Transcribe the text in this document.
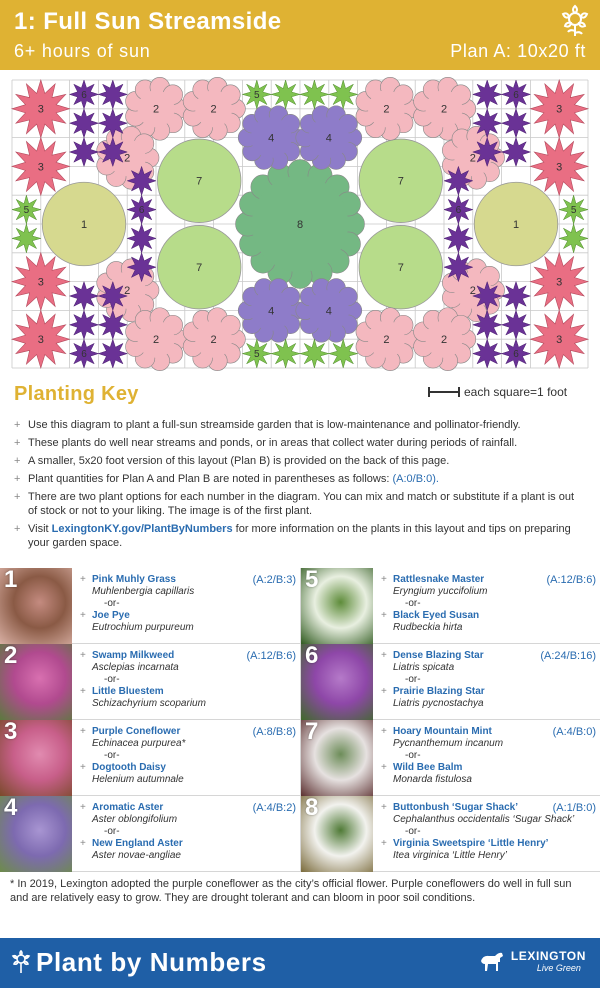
1: Full Sun Streamside
6+ hours of sun	Plan A: 10x20 ft
8
7
7
7
7
1	1
4	4
4	4
2	2	2	2
2	2
2	2
2	2	2	2
3
3
3
3
3
3
3
3
5
5
5	5
6	6
6	6
6	6
Planting Key	each square=1 foot
+ Use this diagram to plant a full-sun streamside garden that is low-maintenance and pollinator-friendly.
+ These plants do well near streams and ponds, or in areas that collect water during periods of rainfall.
+ A smaller, 5x20 foot version of this layout (Plan B) is provided on the back of this page.
+ Plant quantities for Plan A and Plan B are noted in parentheses as follows: (A:0/B:0).
+ There are two plant options for each number in the diagram. You can mix and match or substitute if a plant is out of stock or not to your liking. The image is of the first plant.
+ Visit LexingtonKY.gov/PlantByNumbers for more information on the plants in this layout and tips on preparing your garden space.
1	(A:2/B:3)
+ Pink Muhly Grass
Muhlenbergia capillaris
-or-
+ Joe Pye
Eutrochium purpureum
2	(A:12/B:6)
+ Swamp Milkweed
Asclepias incarnata
-or-
+ Little Bluestem
Schizachyrium scoparium
3	(A:8/B:8)
+ Purple Coneflower
Echinacea purpurea*
-or-
+ Dogtooth Daisy
Helenium autumnale
4	(A:4/B:2)
+ Aromatic Aster
Aster oblongifolium
-or-
+ New England Aster
Aster novae-angliae
5	(A:12/B:6)
+ Rattlesnake Master
Eryngium yuccifolium
-or-
+ Black Eyed Susan
Rudbeckia hirta
6	(A:24/B:16)
+ Dense Blazing Star
Liatris spicata
-or-
+ Prairie Blazing Star
Liatris pycnostachya
7	(A:4/B:0)
+ Hoary Mountain Mint
Pycnanthemum incanum
-or-
+ Wild Bee Balm
Monarda fistulosa
8	(A:1/B:0)
+ Buttonbush ‘Sugar Shack’
Cephalanthus occidentalis ‘Sugar Shack’
-or-
+ Virginia Sweetspire ‘Little Henry’
Itea virginica ‘Little Henry’
* In 2019, Lexington adopted the purple coneflower as the city’s official flower. Purple coneflowers do well in full sun and are relatively easy to grow. They are drought tolerant and can bloom in poor soil conditions.
Plant by Numbers	LEXINGTON
Live Green
